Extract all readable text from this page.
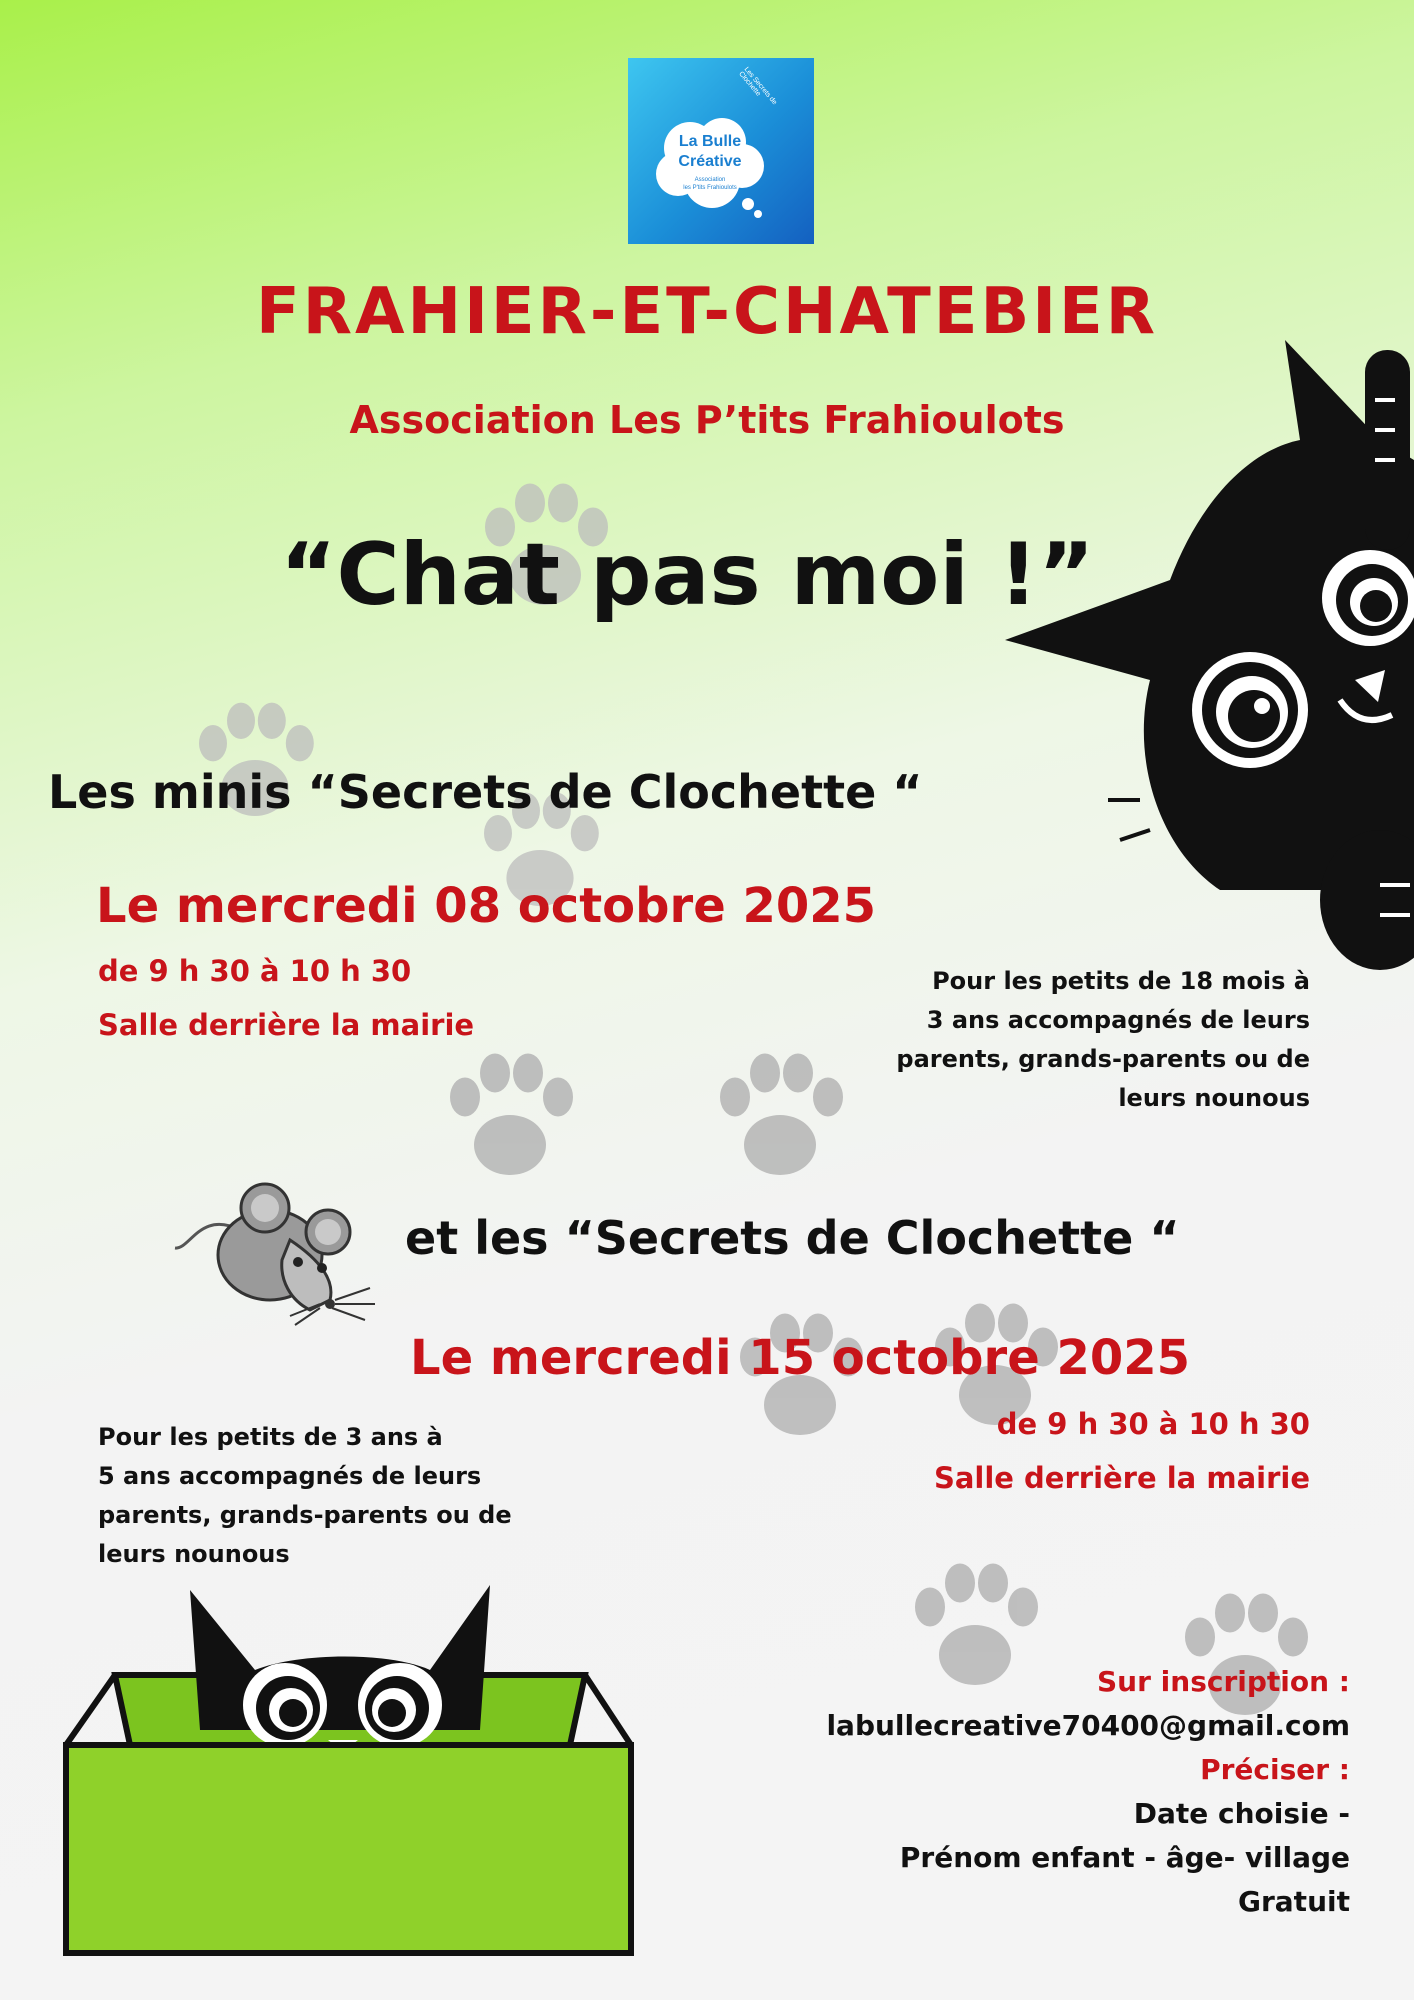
La Bulle
Créative
Association
les P'tits Frahioulots
Les Secrets de Clochette
FRAHIER-ET-CHATEBIER
Association Les P’tits Frahioulots
“Chat pas moi !”
Les minis “Secrets de Clochette “
Le mercredi 08 octobre 2025
de 9 h 30 à 10 h 30
Salle derrière la mairie
Pour les petits de 18 mois à
3 ans accompagnés de leurs
parents, grands-parents ou de
leurs nounous
et les “Secrets de Clochette “
Le mercredi 15 octobre 2025
de 9 h 30 à 10 h 30
Salle derrière la mairie
Pour les petits de 3 ans à
5 ans accompagnés de leurs
parents, grands-parents ou de
leurs nounous
Sur inscription :
labullecreative70400@gmail.com
Préciser :
Date choisie -
Prénom enfant - âge- village
Gratuit
